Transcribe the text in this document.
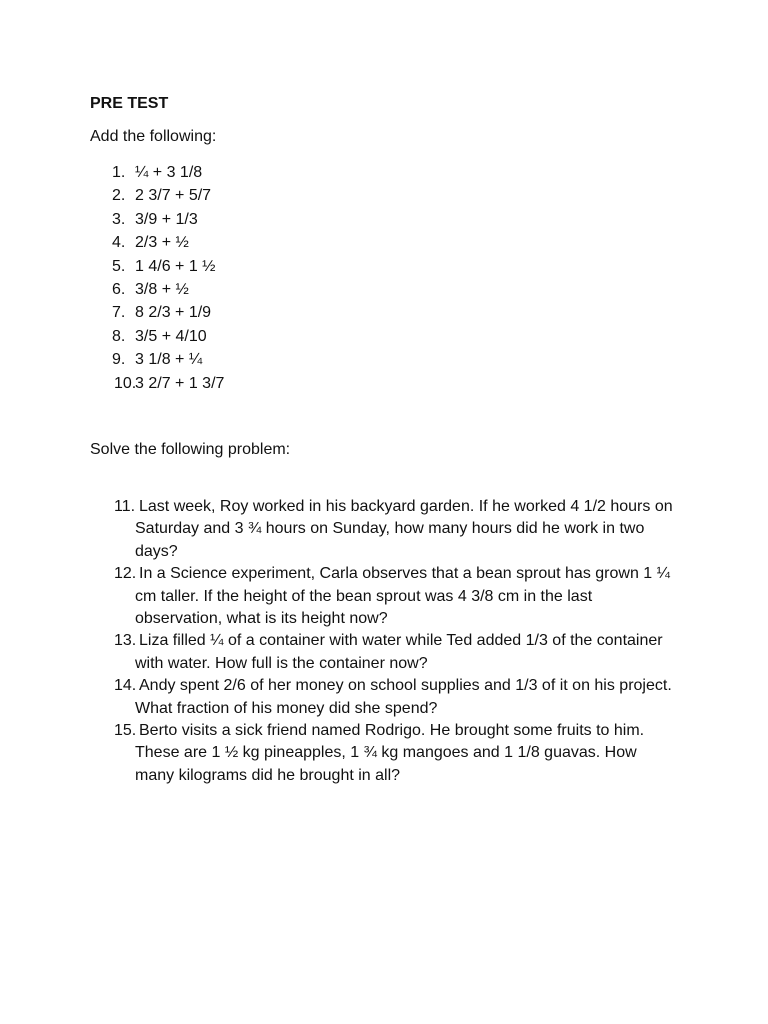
PRE TEST
Add the following:
1. ¼ + 3 1/8
2. 2 3/7 + 5/7
3. 3/9 + 1/3
4. 2/3 + ½
5. 1 4/6 + 1 ½
6. 3/8 + ½
7. 8 2/3 + 1/9
8. 3/5 + 4/10
9. 3 1/8 + ¼
10.
3 2/7 + 1 3/7
Solve the following problem:
11. Last week, Roy worked in his backyard garden. If he worked 4 1/2 hours on Saturday and 3 ¾ hours on Sunday, how many hours did he work in two days?
12. In a Science experiment, Carla observes that a bean sprout has grown 1 ¼ cm taller. If the height of the bean sprout was 4 3/8 cm in the last observation, what is its height now?
13. Liza filled ¼ of a container with water while Ted added 1/3 of the container with water. How full is the container now?
14. Andy spent 2/6 of her money on school supplies and 1/3 of it on his project. What fraction of his money did she spend?
15. Berto visits a sick friend named Rodrigo. He brought some fruits to him. These are 1 ½ kg pineapples, 1 ¾ kg mangoes and 1 1/8 guavas. How many kilograms did he brought in all?
